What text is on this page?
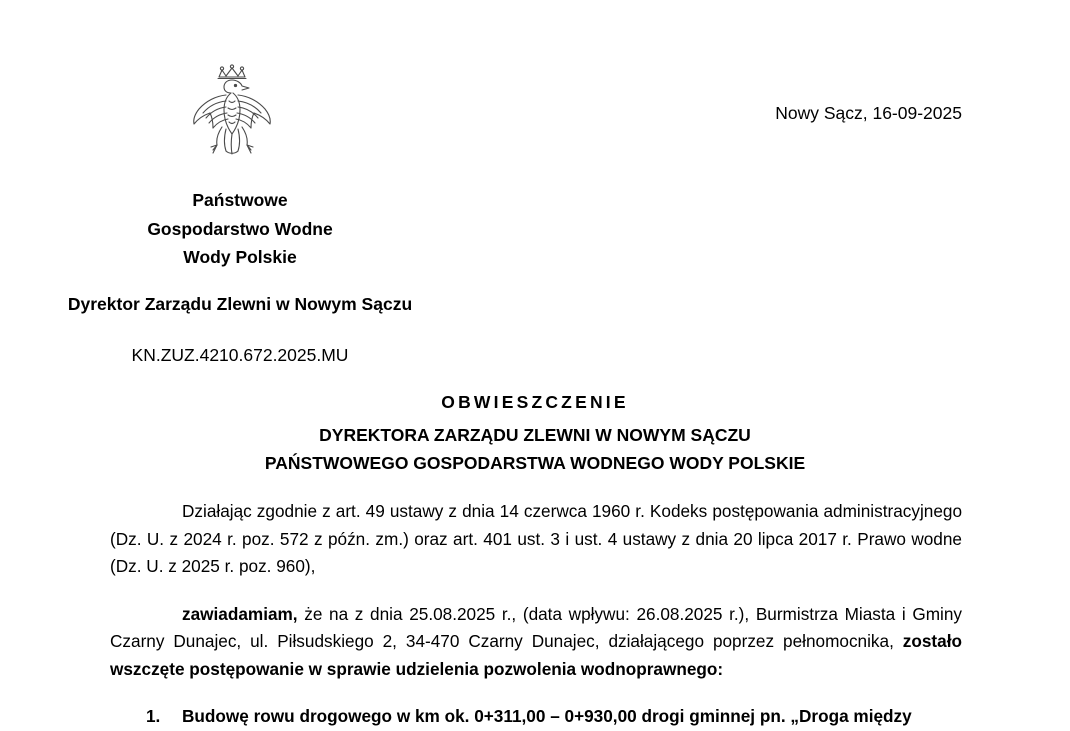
Nowy Sącz, 16-09-2025
Państwowe
Gospodarstwo Wodne
Wody Polskie
Dyrektor Zarządu Zlewni w Nowym Sączu
KN.ZUZ.4210.672.2025.MU
OBWIESZCZENIE
DYREKTORA ZARZĄDU ZLEWNI W NOWYM SĄCZU
PAŃSTWOWEGO GOSPODARSTWA WODNEGO WODY POLSKIE

Działając zgodnie z art. 49 ustawy z dnia 14 czerwca 1960 r. Kodeks postępowania administracyjnego (Dz. U. z 2024 r. poz. 572 z późn. zm.) oraz art. 401 ust. 3 i ust. 4 ustawy z dnia 20 lipca 2017 r. Prawo wodne (Dz. U. z 2025 r. poz. 960),

zawiadamiam, że na z dnia 25.08.2025 r., (data wpływu: 26.08.2025 r.), Burmistrza Miasta i Gminy Czarny Dunajec, ul. Piłsudskiego 2, 34-470 Czarny Dunajec, działającego poprzez pełnomocnika, zostało wszczęte postępowanie w sprawie udzielenia pozwolenia wodnoprawnego:

1. Budowę rowu drogowego w km ok. 0+311,00 – 0+930,00 drogi gminnej pn. „Droga między
